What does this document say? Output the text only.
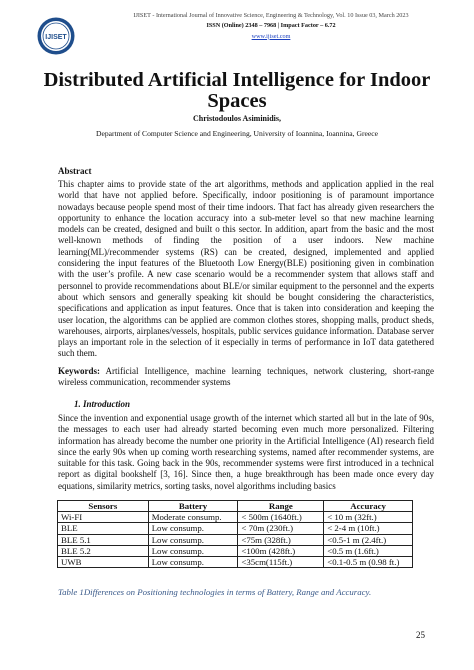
IJISET
IJISET - International Journal of Innovative Science, Engineering & Technology, Vol. 10 Issue 03, March 2023
ISSN (Online) 2348 – 7968 | Impact Factor – 6.72
www.ijiset.com
Distributed Artificial Intelligence for Indoor Spaces
Christodoulos Asiminidis,
Department of Computer Science and Engineering, University of Ioannina, Ioannina, Greece
Abstract
This chapter aims to provide state of the art algorithms, methods and application applied in the real world that have not applied before. Specifically, indoor positioning is of paramount importance nowadays because people spend most of their time indoors. That fact has already given researchers the opportunity to enhance the location accuracy into a sub-meter level so that new machine learning models can be created, designed and built o this sector. In addition, apart from the basic and the most well-known methods of finding the position of a user indoors. New machine learning(ML)/recommender systems (RS) can be created, designed, implemented and applied considering the input features of the Bluetooth Low Energy(BLE) positioning given in combination with the user’s profile. A new case scenario would be a recommender system that allows staff and personnel to provide recommendations about BLE/or similar equipment to the personnel and the experts about which sensors and generally speaking kit should be bought considering the characteristics, specifications and application as input features. Once that is taken into consideration and keeping the user location, the algorithms can be applied are common clothes stores, shopping malls, product sheds, warehouses, airports, airplanes/vessels, hospitals, public services guidance information. Database server plays an important role in the selection of it especially in terms of performance in IoT data gatethered such them.
Keywords: Artificial Intelligence, machine learning techniques, network clustering, short-range wireless communication, recommender systems
1. Introduction
Since the invention and exponential usage growth of the internet which started all but in the late of 90s, the messages to each user had already started becoming even much more personalized. Filtering information has already become the number one priority in the Artificial Intelligence (AI) research field since the early 90s when up coming worth researching systems, named after recommender systems, are suitable for this task. Going back in the 90s, recommender systems were first introduced in a technical report as digital bookshelf [3, 16]. Since then, a huge breakthrough has been made once every day equations, similarity metrics, sorting tasks, novel algorithms including basics
Sensors	Battery	Range	Accuracy
Wi-FI	Moderate consump.	< 500m (1640ft.)	< 10 m (32ft.)
BLE	Low consump.	< 70m (230ft.)	< 2-4 m (10ft.)
BLE 5.1	Low consump.	<75m (328ft.)	<0.5-1 m (2.4ft.)
BLE 5.2	Low consump.	<100m (428ft.)	<0.5 m (1.6ft.)
UWB	Low consump.	<35cm(115ft.)	<0.1-0.5 m (0.98 ft.)
Table 1Differences on Positioning technologies in terms of Battery, Range and Accuracy.
25
